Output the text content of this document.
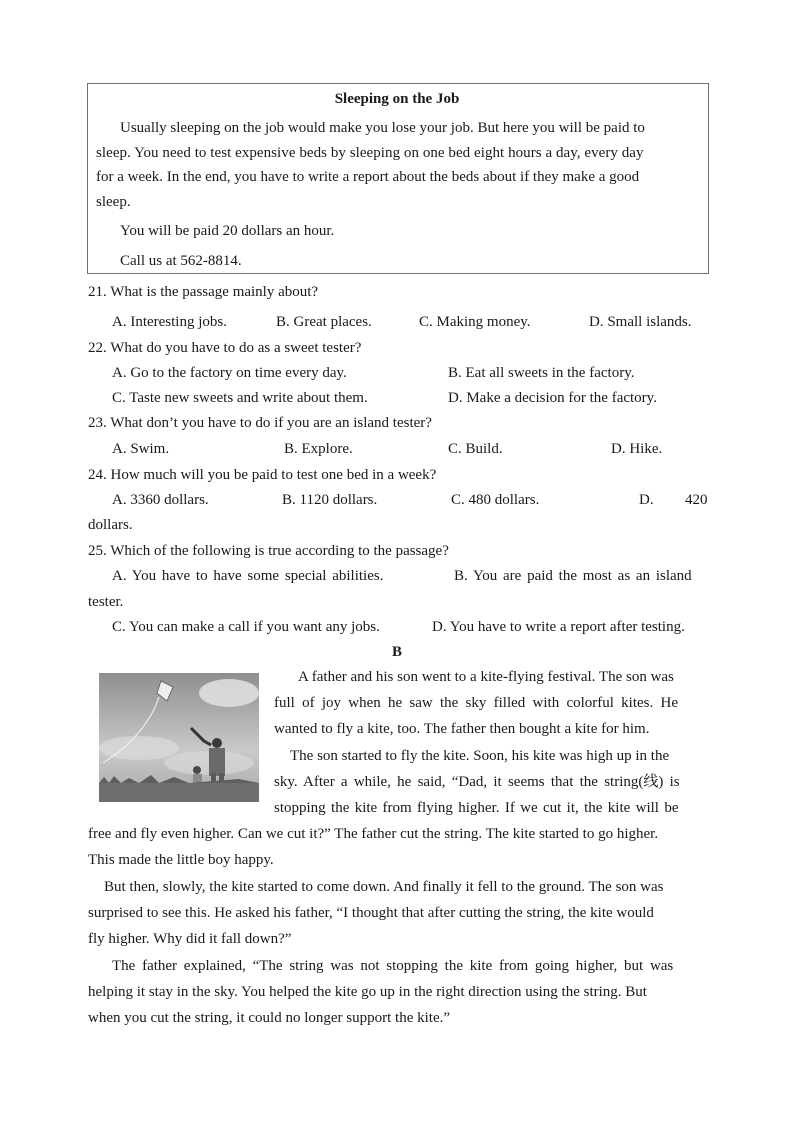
Sleeping on the Job
Usually sleeping on the job would make you lose your job. But here you will be paid to
sleep. You need to test expensive beds by sleeping on one bed eight hours a day, every day
for a week. In the end, you have to write a report about the beds about if they make a good
sleep.
You will be paid 20 dollars an hour.
Call us at 562-8814.
21. What is the passage mainly about?
A. Interesting jobs.	B. Great places.	C. Making money.	D. Small islands.
22. What do you have to do as a sweet tester?
A. Go to the factory on time every day.	B. Eat all sweets in the factory.
C. Taste new sweets and write about them.	D. Make a decision for the factory.
23. What don’t you have to do if you are an island tester?
A. Swim.	B. Explore.	C. Build.	D. Hike.
24. How much will you be paid to test one bed in a week?
A. 3360 dollars.	B. 1120 dollars.	C. 480 dollars.	D. 420
dollars.
25. Which of the following is true according to the passage?
A. You have to have some special abilities.	B. You are paid the most as an island
tester.
C. You can make a call if you want any jobs.	D. You have to write a report after testing.
B
A father and his son went to a kite-flying festival. The son was
full of joy when he saw the sky filled with colorful kites. He
wanted to fly a kite, too. The father then bought a kite for him.
The son started to fly the kite. Soon, his kite was high up in the
sky. After a while, he said, “Dad, it seems that the string(线) is
stopping the kite from flying higher. If we cut it, the kite will be
free and fly even higher. Can we cut it?” The father cut the string. The kite started to go higher.
This made the little boy happy.
But then, slowly, the kite started to come down. And finally it fell to the ground. The son was
surprised to see this. He asked his father, “I thought that after cutting the string, the kite would
fly higher. Why did it fall down?”
The father explained, “The string was not stopping the kite from going higher, but was
helping it stay in the sky. You helped the kite go up in the right direction using the string. But
when you cut the string, it could no longer support the kite.”
